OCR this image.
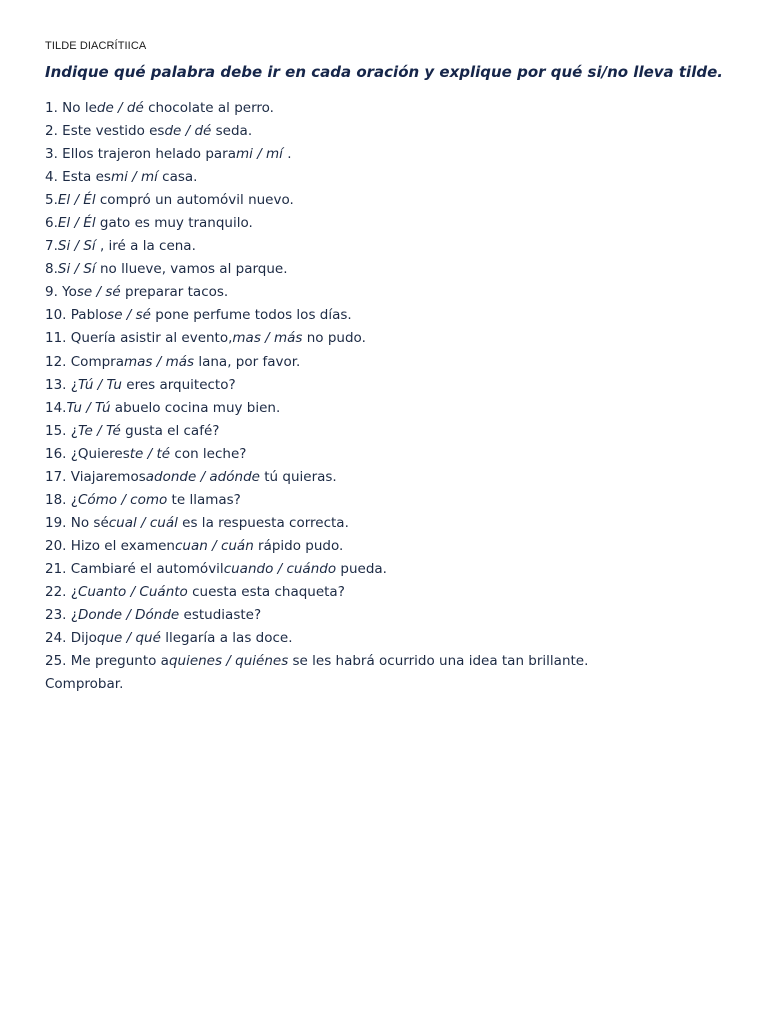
TILDE DIACRÍTIICA

Indique qué palabra debe ir en cada oración y explique por qué si/no lleva tilde.

1. No lede / dé chocolate al perro.
2. Este vestido esde / dé seda.
3. Ellos trajeron helado parami / mí .
4. Esta esmi / mí casa.
5.El / Él compró un automóvil nuevo.
6.El / Él gato es muy tranquilo.
7.Si / Sí , iré a la cena.
8.Si / Sí no llueve, vamos al parque.
9. Yose / sé preparar tacos.
10. Pablose / sé pone perfume todos los días.
11. Quería asistir al evento,mas / más no pudo.
12. Compramas / más lana, por favor.
13. ¿Tú / Tu eres arquitecto?
14.Tu / Tú abuelo cocina muy bien.
15. ¿Te / Té gusta el café?
16. ¿Quiereste / té con leche?
17. Viajaremosadonde / adónde tú quieras.
18. ¿Cómo / como te llamas?
19. No sécual / cuál es la respuesta correcta.
20. Hizo el examencuan / cuán rápido pudo.
21. Cambiaré el automóvilcuando / cuándo pueda.
22. ¿Cuanto / Cuánto cuesta esta chaqueta?
23. ¿Donde / Dónde estudiaste?
24. Dijoque / qué llegaría a las doce.
25. Me pregunto aquienes / quiénes se les habrá ocurrido una idea tan brillante.

Comprobar.
